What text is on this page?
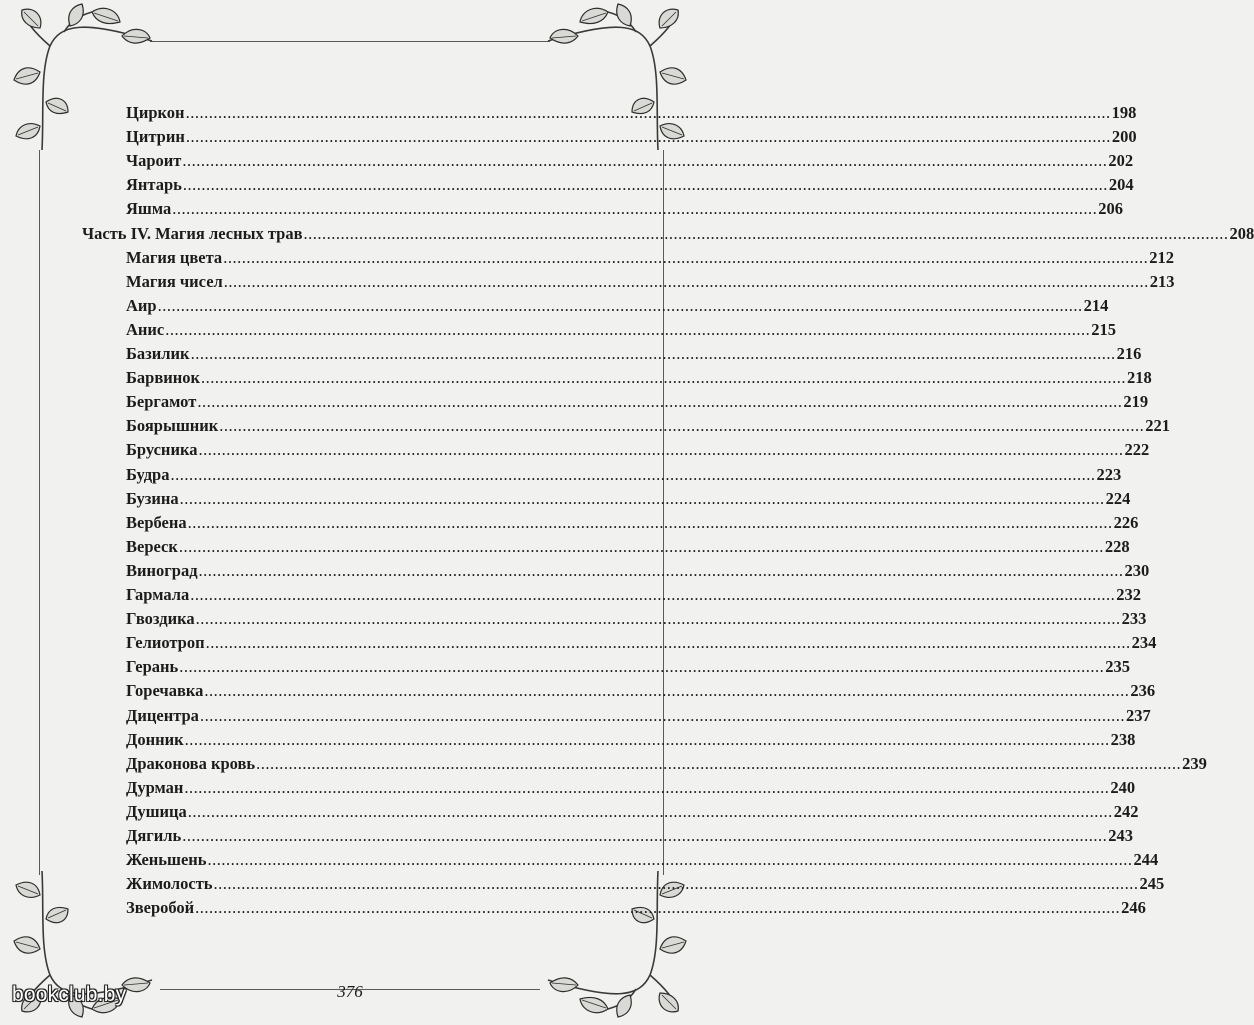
Циркон ........................................................................................................................................................................................................ 198
Цитрин ........................................................................................................................................................................................................ 200
Чароит ........................................................................................................................................................................................................ 202
Янтарь ........................................................................................................................................................................................................ 204
Яшма ........................................................................................................................................................................................................ 206
Часть IV. Магия лесных трав ........................................................................................................................................................................................................ 208
Магия цвета ........................................................................................................................................................................................................ 212
Магия чисел ........................................................................................................................................................................................................ 213
Аир ........................................................................................................................................................................................................ 214
Анис ........................................................................................................................................................................................................ 215
Базилик ........................................................................................................................................................................................................ 216
Барвинок ........................................................................................................................................................................................................ 218
Бергамот ........................................................................................................................................................................................................ 219
Боярышник ........................................................................................................................................................................................................ 221
Брусника ........................................................................................................................................................................................................ 222
Будра ........................................................................................................................................................................................................ 223
Бузина ........................................................................................................................................................................................................ 224
Вербена ........................................................................................................................................................................................................ 226
Вереск ........................................................................................................................................................................................................ 228
Виноград ........................................................................................................................................................................................................ 230
Гармала ........................................................................................................................................................................................................ 232
Гвоздика ........................................................................................................................................................................................................ 233
Гелиотроп ........................................................................................................................................................................................................ 234
Герань ........................................................................................................................................................................................................ 235
Горечавка ........................................................................................................................................................................................................ 236
Дицентра ........................................................................................................................................................................................................ 237
Донник ........................................................................................................................................................................................................ 238
Драконова кровь ........................................................................................................................................................................................................ 239
Дурман ........................................................................................................................................................................................................ 240
Душица ........................................................................................................................................................................................................ 242
Дягиль ........................................................................................................................................................................................................ 243
Женьшень ........................................................................................................................................................................................................ 244
Жимолость ........................................................................................................................................................................................................ 245
Зверобой ........................................................................................................................................................................................................ 246
376
bookclub.by
